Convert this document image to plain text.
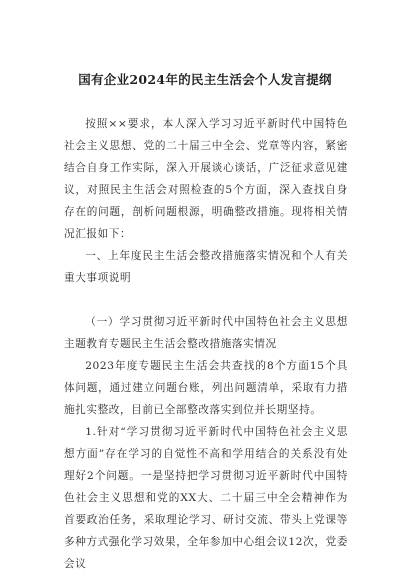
国有企业2024年的民主生活会个人发言提纲

按照××要求，本人深入学习习近平新时代中国特色社会主义思想、党的二十届三中全会、党章等内容，紧密结合自身工作实际，深入开展谈心谈话，广泛征求意见建议，对照民主生活会对照检查的5个方面，深入查找自身存在的问题，剖析问题根源，明确整改措施。现将相关情况汇报如下：

一、上年度民主生活会整改措施落实情况和个人有关重大事项说明

（一）学习贯彻习近平新时代中国特色社会主义思想主题教育专题民主生活会整改措施落实情况

2023年度专题民主生活会共查找的8个方面15个具体问题，通过建立问题台账，列出问题清单，采取有力措施扎实整改，目前已全部整改落实到位并长期坚持。

1.针对“学习贯彻习近平新时代中国特色社会主义思想方面”存在学习的自觉性不高和学用结合的关系没有处理好2个问题。一是坚持把学习贯彻习近平新时代中国特色社会主义思想和党的XX大、二十届三中全会精神作为首要政治任务，采取理论学习、研讨交流、带头上党课等多种方式强化学习效果，全年参加中心组会议12次，党委会议
